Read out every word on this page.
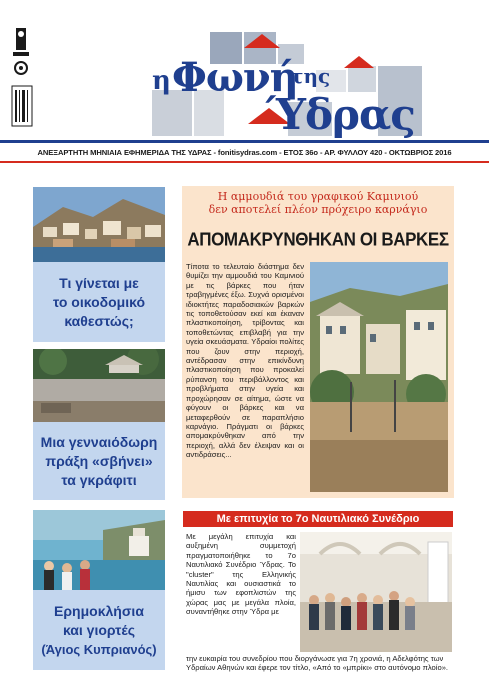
η Φωνή
της
Ύδρας
ΑΝΕΞΑΡΤΗΤΗ ΜΗΝΙΑΙΑ ΕΦΗΜΕΡΙΔΑ ΤΗΣ ΥΔΡΑΣ - fonitisydras.com - ΕΤΟΣ 36ο - ΑΡ. ΦΥΛΛΟΥ 420 - ΟΚΤΩΒΡΙΟΣ 2016
Τι γίνεται με
το οικοδομικό
καθεστώς;
Μια γενναιόδωρη
πράξη «σβήνει»
τα γκράφιτι
Ερημοκλήσια
και γιορτές
(Άγιος Κυπριανός)
Η αμμουδιά του γραφικού Καμινιού
δεν αποτελεί πλέον πρόχειρο καρνάγιο
ΑΠΟΜΑΚΡΥΝΘΗΚΑΝ ΟΙ ΒΑΡΚΕΣ
Τίποτα το τελευταίο διάστημα δεν θυμίζει την αμμουδιά του Καμινιού με τις βάρκες που ήταν τραβηγμένες έξω. Συχνά ορισμένοι ιδιοκτήτες παραδοσιακών βαρκών τις τοποθετούσαν εκεί και έκαναν πλαστικοποίηση, τρίβοντας και τοποθετώντας επιβλαβή για την υγεία σκευάσματα. Υδραίοι πολίτες που ζουν στην περιοχή, αντέδρασαν στην επικίνδυνη πλαστικοποίηση που προκαλεί ρύπανση του περιβάλλοντος και προβλήματα στην υγεία και προχώρησαν σε αίτημα, ώστε να φύγουν οι βάρκες και να μεταφερθούν σε παραπλήσιο καρνάγιο. Πράγματι οι βάρκες απομακρύνθηκαν από την περιοχή, αλλά δεν έλειψαν και οι αντιδράσεις...
Με επιτυχία το 7ο Ναυτιλιακό Συνέδριο
Με μεγάλη επιτυχία και αυξημένη συμμετοχή πραγματοποιήθηκε το 7ο Ναυτιλιακό Συνέδριο Ύδρας. Το "cluster" της Ελληνικής Ναυτιλίας και ουσιαστικά το ήμισυ των εφοπλιστών της χώρας μας με μεγάλα πλοία, συναντήθηκε στην Ύδρα με
την ευκαιρία του συνεδρίου που διοργάνωσε για 7η χρονιά, η Αδελφότης των Υδραίων Αθηνών και έφερε τον τίτλο, «Από το «μπρίκι» στο αυτόνομο πλοίο».
